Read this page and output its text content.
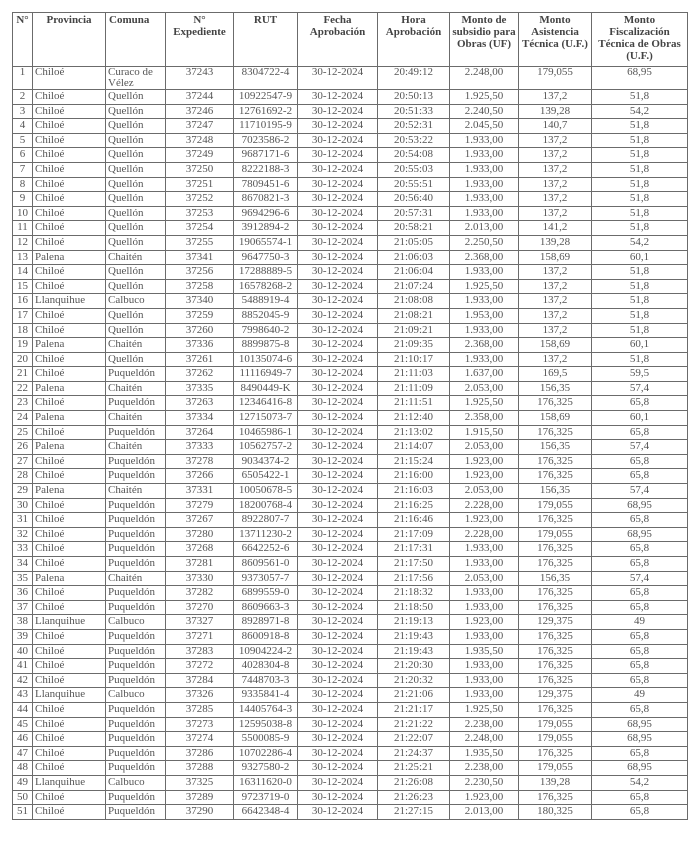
N°	Provincia	Comuna	N° Expediente	RUT	Fecha Aprobación	Hora Aprobación	Monto de subsidio para Obras (UF)	Monto Asistencia Técnica (U.F.)	Monto Fiscalización Técnica de Obras (U.F.)
1	Chiloé	Curaco de Vélez	37243	8304722-4	30-12-2024	20:49:12	2.248,00	179,055	68,95
2	Chiloé	Quellón	37244	10922547-9	30-12-2024	20:50:13	1.925,50	137,2	51,8
3	Chiloé	Quellón	37246	12761692-2	30-12-2024	20:51:33	2.240,50	139,28	54,2
4	Chiloé	Quellón	37247	11710195-9	30-12-2024	20:52:31	2.045,50	140,7	51,8
5	Chiloé	Quellón	37248	7023586-2	30-12-2024	20:53:22	1.933,00	137,2	51,8
6	Chiloé	Quellón	37249	9687171-6	30-12-2024	20:54:08	1.933,00	137,2	51,8
7	Chiloé	Quellón	37250	8222188-3	30-12-2024	20:55:03	1.933,00	137,2	51,8
8	Chiloé	Quellón	37251	7809451-6	30-12-2024	20:55:51	1.933,00	137,2	51,8
9	Chiloé	Quellón	37252	8670821-3	30-12-2024	20:56:40	1.933,00	137,2	51,8
10	Chiloé	Quellón	37253	9694296-6	30-12-2024	20:57:31	1.933,00	137,2	51,8
11	Chiloé	Quellón	37254	3912894-2	30-12-2024	20:58:21	2.013,00	141,2	51,8
12	Chiloé	Quellón	37255	19065574-1	30-12-2024	21:05:05	2.250,50	139,28	54,2
13	Palena	Chaitén	37341	9647750-3	30-12-2024	21:06:03	2.368,00	158,69	60,1
14	Chiloé	Quellón	37256	17288889-5	30-12-2024	21:06:04	1.933,00	137,2	51,8
15	Chiloé	Quellón	37258	16578268-2	30-12-2024	21:07:24	1.925,50	137,2	51,8
16	Llanquihue	Calbuco	37340	5488919-4	30-12-2024	21:08:08	1.933,00	137,2	51,8
17	Chiloé	Quellón	37259	8852045-9	30-12-2024	21:08:21	1.953,00	137,2	51,8
18	Chiloé	Quellón	37260	7998640-2	30-12-2024	21:09:21	1.933,00	137,2	51,8
19	Palena	Chaitén	37336	8899875-8	30-12-2024	21:09:35	2.368,00	158,69	60,1
20	Chiloé	Quellón	37261	10135074-6	30-12-2024	21:10:17	1.933,00	137,2	51,8
21	Chiloé	Puqueldón	37262	11116949-7	30-12-2024	21:11:03	1.637,00	169,5	59,5
22	Palena	Chaitén	37335	8490449-K	30-12-2024	21:11:09	2.053,00	156,35	57,4
23	Chiloé	Puqueldón	37263	12346416-8	30-12-2024	21:11:51	1.925,50	176,325	65,8
24	Palena	Chaitén	37334	12715073-7	30-12-2024	21:12:40	2.358,00	158,69	60,1
25	Chiloé	Puqueldón	37264	10465986-1	30-12-2024	21:13:02	1.915,50	176,325	65,8
26	Palena	Chaitén	37333	10562757-2	30-12-2024	21:14:07	2.053,00	156,35	57,4
27	Chiloé	Puqueldón	37278	9034374-2	30-12-2024	21:15:24	1.923,00	176,325	65,8
28	Chiloé	Puqueldón	37266	6505422-1	30-12-2024	21:16:00	1.923,00	176,325	65,8
29	Palena	Chaitén	37331	10050678-5	30-12-2024	21:16:03	2.053,00	156,35	57,4
30	Chiloé	Puqueldón	37279	18200768-4	30-12-2024	21:16:25	2.228,00	179,055	68,95
31	Chiloé	Puqueldón	37267	8922807-7	30-12-2024	21:16:46	1.923,00	176,325	65,8
32	Chiloé	Puqueldón	37280	13711230-2	30-12-2024	21:17:09	2.228,00	179,055	68,95
33	Chiloé	Puqueldón	37268	6642252-6	30-12-2024	21:17:31	1.933,00	176,325	65,8
34	Chiloé	Puqueldón	37281	8609561-0	30-12-2024	21:17:50	1.933,00	176,325	65,8
35	Palena	Chaitén	37330	9373057-7	30-12-2024	21:17:56	2.053,00	156,35	57,4
36	Chiloé	Puqueldón	37282	6899559-0	30-12-2024	21:18:32	1.933,00	176,325	65,8
37	Chiloé	Puqueldón	37270	8609663-3	30-12-2024	21:18:50	1.933,00	176,325	65,8
38	Llanquihue	Calbuco	37327	8928971-8	30-12-2024	21:19:13	1.923,00	129,375	49
39	Chiloé	Puqueldón	37271	8600918-8	30-12-2024	21:19:43	1.933,00	176,325	65,8
40	Chiloé	Puqueldón	37283	10904224-2	30-12-2024	21:19:43	1.935,50	176,325	65,8
41	Chiloé	Puqueldón	37272	4028304-8	30-12-2024	21:20:30	1.933,00	176,325	65,8
42	Chiloé	Puqueldón	37284	7448703-3	30-12-2024	21:20:32	1.933,00	176,325	65,8
43	Llanquihue	Calbuco	37326	9335841-4	30-12-2024	21:21:06	1.933,00	129,375	49
44	Chiloé	Puqueldón	37285	14405764-3	30-12-2024	21:21:17	1.925,50	176,325	65,8
45	Chiloé	Puqueldón	37273	12595038-8	30-12-2024	21:21:22	2.238,00	179,055	68,95
46	Chiloé	Puqueldón	37274	5500085-9	30-12-2024	21:22:07	2.248,00	179,055	68,95
47	Chiloé	Puqueldón	37286	10702286-4	30-12-2024	21:24:37	1.935,50	176,325	65,8
48	Chiloé	Puqueldón	37288	9327580-2	30-12-2024	21:25:21	2.238,00	179,055	68,95
49	Llanquihue	Calbuco	37325	16311620-0	30-12-2024	21:26:08	2.230,50	139,28	54,2
50	Chiloé	Puqueldón	37289	9723719-0	30-12-2024	21:26:23	1.923,00	176,325	65,8
51	Chiloé	Puqueldón	37290	6642348-4	30-12-2024	21:27:15	2.013,00	180,325	65,8
